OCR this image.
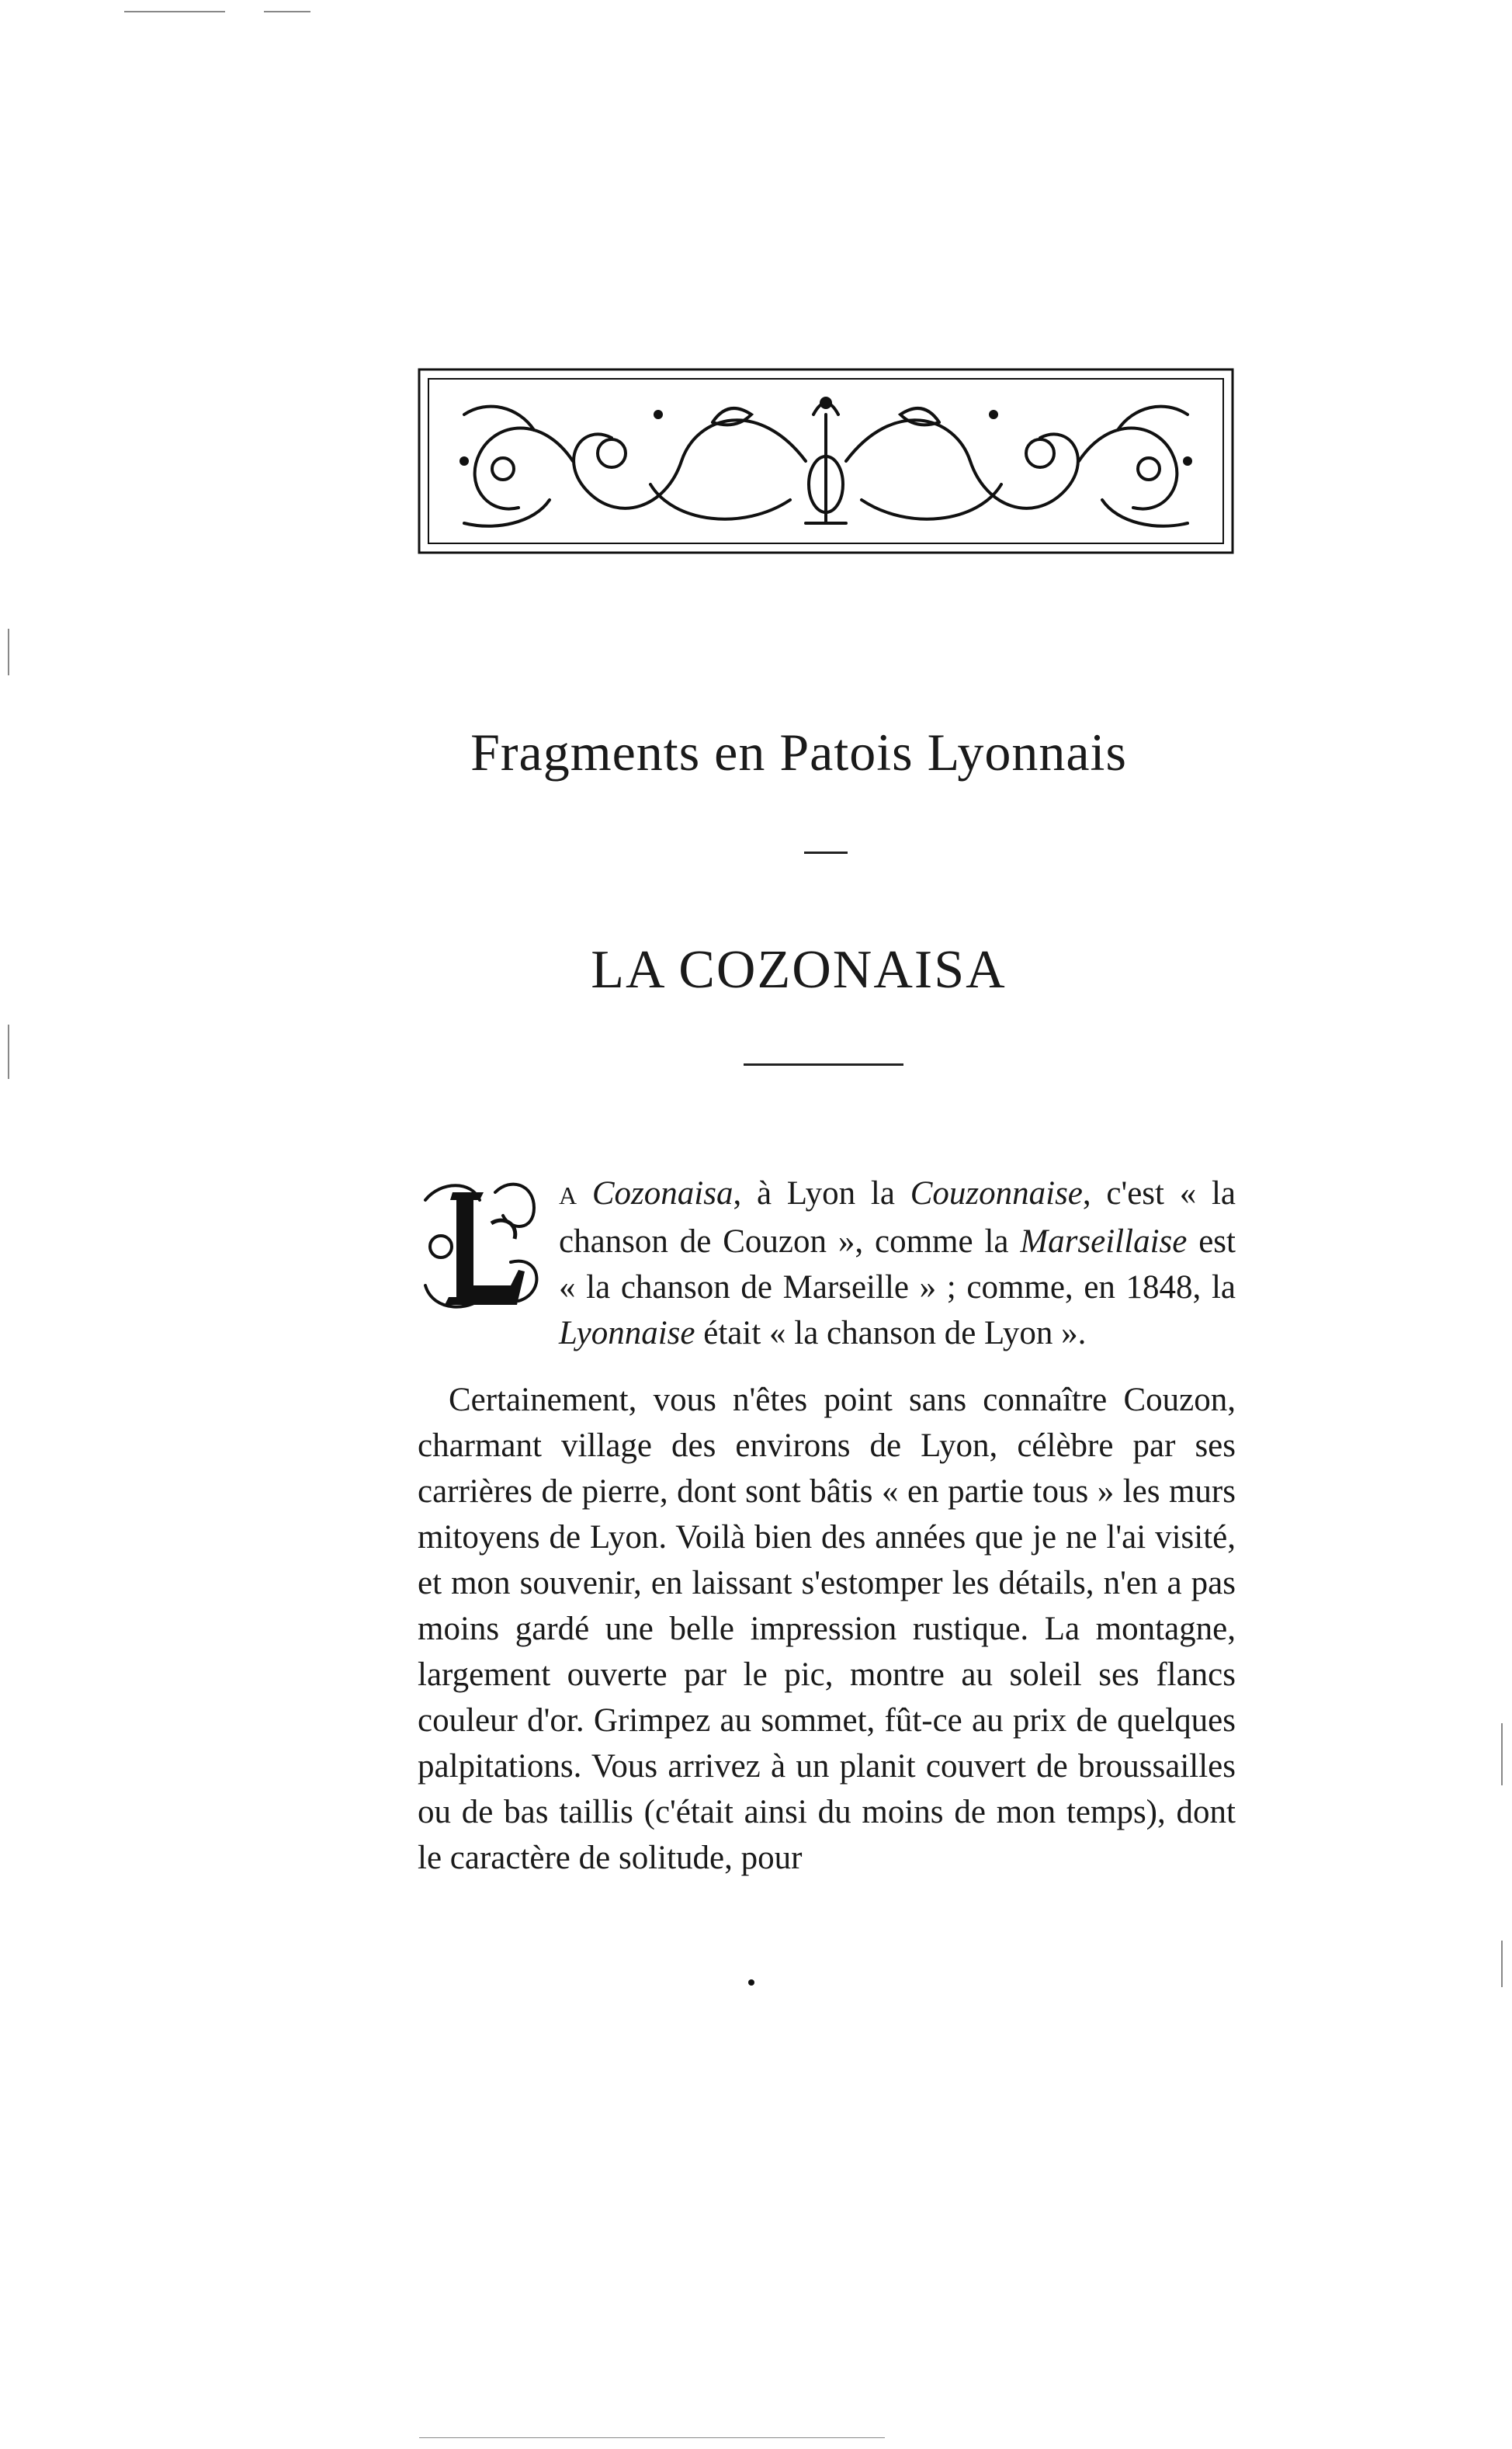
Fragments en Patois Lyonnais
LA COZONAISA
A Cozonaisa, à Lyon la Couzonnaise, c'est « la chanson de Couzon », comme la Marseillaise est « la chanson de Marseille » ; comme, en 1848, la Lyonnaise était « la chanson de Lyon ».

Certainement, vous n'êtes point sans connaître Couzon, charmant village des environs de Lyon, célèbre par ses carrières de pierre, dont sont bâtis « en partie tous » les murs mitoyens de Lyon. Voilà bien des années que je ne l'ai visité, et mon souvenir, en laissant s'estomper les détails, n'en a pas moins gardé une belle impression rustique. La montagne, largement ouverte par le pic, montre au soleil ses flancs couleur d'or. Grimpez au sommet, fût-ce au prix de quelques palpitations. Vous arrivez à un planit couvert de broussailles ou de bas taillis (c'était ainsi du moins de mon temps), dont le caractère de solitude, pour
